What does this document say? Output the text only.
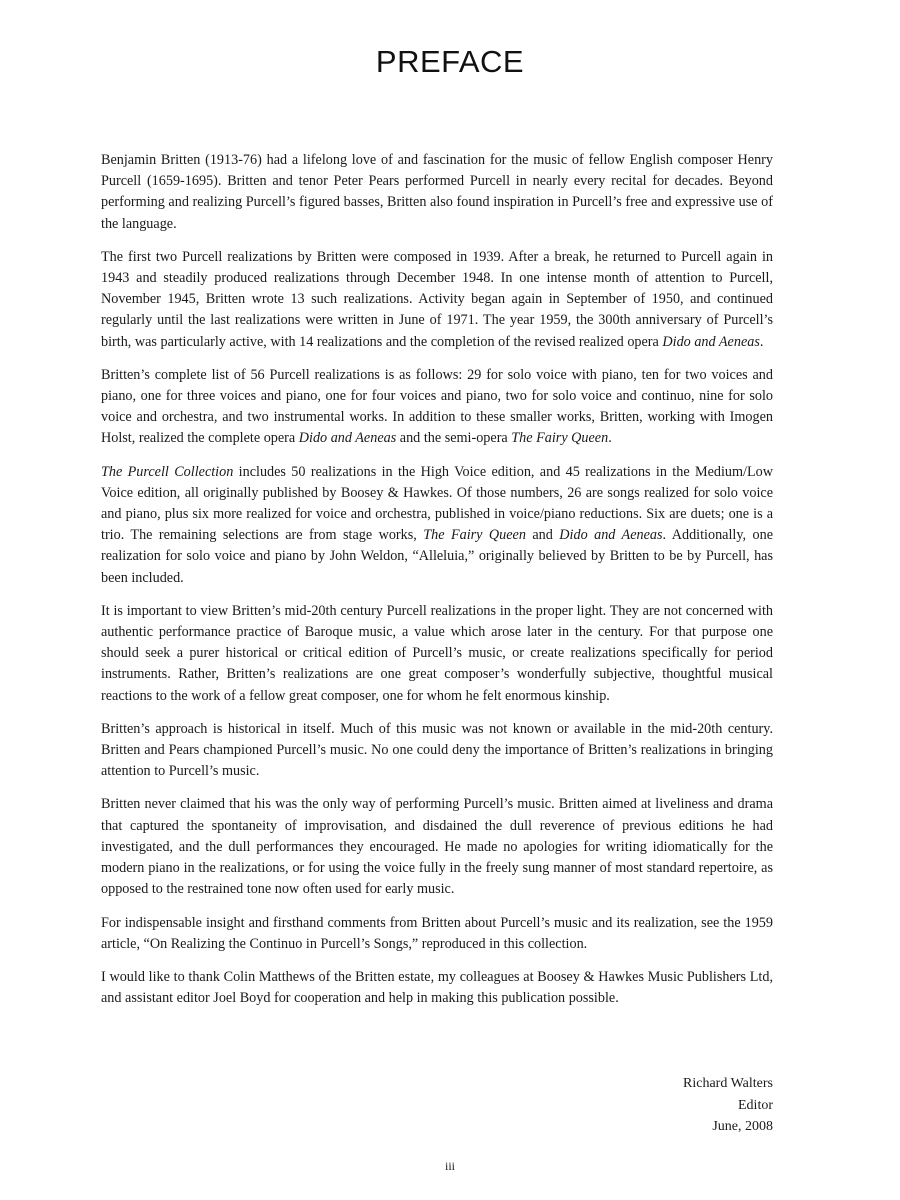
PREFACE

Benjamin Britten (1913-76) had a lifelong love of and fascination for the music of fellow English composer Henry Purcell (1659-1695). Britten and tenor Peter Pears performed Purcell in nearly every recital for decades. Beyond performing and realizing Purcell’s figured basses, Britten also found inspiration in Purcell’s free and expressive use of the language.

The first two Purcell realizations by Britten were composed in 1939. After a break, he returned to Purcell again in 1943 and steadily produced realizations through December 1948. In one intense month of attention to Purcell, November 1945, Britten wrote 13 such realizations. Activity began again in September of 1950, and continued regularly until the last realizations were written in June of 1971. The year 1959, the 300th anniversary of Purcell’s birth, was particularly active, with 14 realizations and the completion of the revised realized opera Dido and Aeneas.

Britten’s complete list of 56 Purcell realizations is as follows: 29 for solo voice with piano, ten for two voices and piano, one for three voices and piano, one for four voices and piano, two for solo voice and continuo, nine for solo voice and orchestra, and two instrumental works. In addition to these smaller works, Britten, working with Imogen Holst, realized the complete opera Dido and Aeneas and the semi-opera The Fairy Queen.

The Purcell Collection includes 50 realizations in the High Voice edition, and 45 realizations in the Medium/Low Voice edition, all originally published by Boosey & Hawkes. Of those numbers, 26 are songs realized for solo voice and piano, plus six more realized for voice and orchestra, published in voice/piano reductions. Six are duets; one is a trio. The remaining selections are from stage works, The Fairy Queen and Dido and Aeneas. Additionally, one realization for solo voice and piano by John Weldon, “Alleluia,” originally believed by Britten to be by Purcell, has been included.

It is important to view Britten’s mid-20th century Purcell realizations in the proper light. They are not concerned with authentic performance practice of Baroque music, a value which arose later in the century. For that purpose one should seek a purer historical or critical edition of Purcell’s music, or create realizations specifically for period instruments. Rather, Britten’s realizations are one great composer’s wonderfully subjective, thoughtful musical reactions to the work of a fellow great composer, one for whom he felt enormous kinship.

Britten’s approach is historical in itself. Much of this music was not known or available in the mid-20th century. Britten and Pears championed Purcell’s music. No one could deny the importance of Britten’s realizations in bringing attention to Purcell’s music.

Britten never claimed that his was the only way of performing Purcell’s music. Britten aimed at liveliness and drama that captured the spontaneity of improvisation, and disdained the dull reverence of previous editions he had investigated, and the dull performances they encouraged. He made no apologies for writing idiomatically for the modern piano in the realizations, or for using the voice fully in the freely sung manner of most standard repertoire, as opposed to the restrained tone now often used for early music.

For indispensable insight and firsthand comments from Britten about Purcell’s music and its realization, see the 1959 article, “On Realizing the Continuo in Purcell’s Songs,” reproduced in this collection.

I would like to thank Colin Matthews of the Britten estate, my colleagues at Boosey & Hawkes Music Publishers Ltd, and assistant editor Joel Boyd for cooperation and help in making this publication possible.

Richard Walters
Editor
June, 2008
iii
